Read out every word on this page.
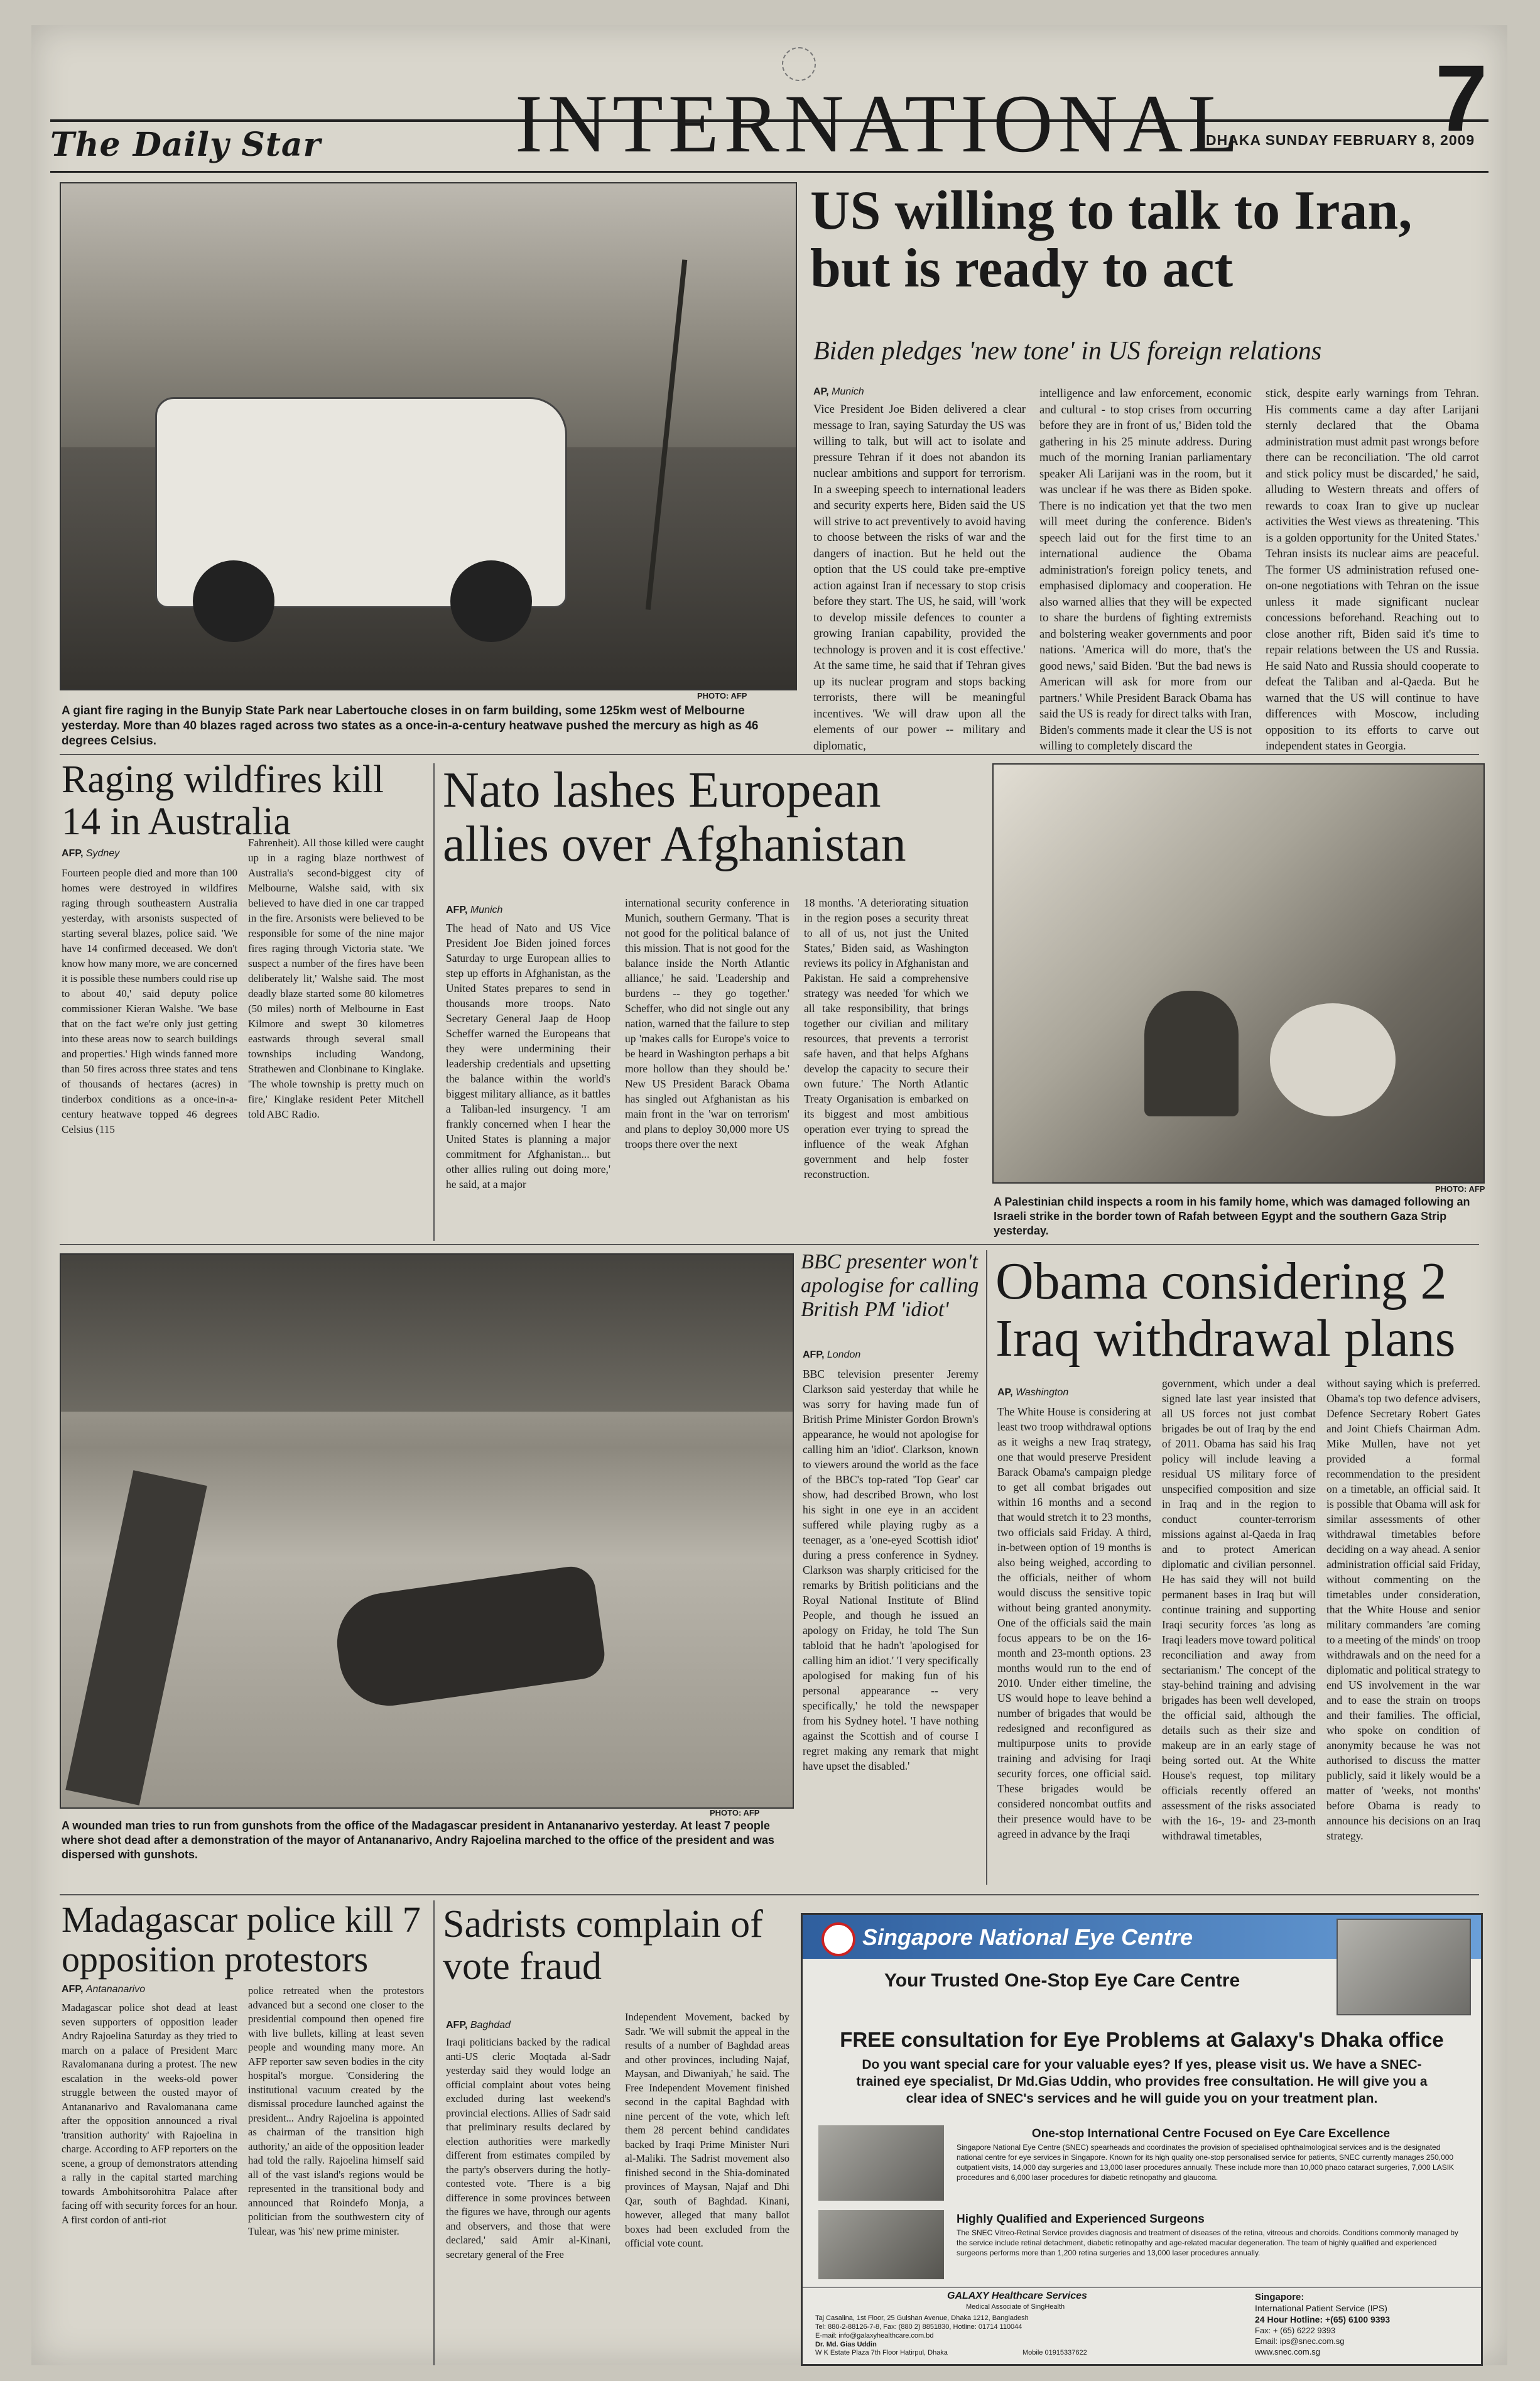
The Daily Star INTERNATIONAL
DHAKA SUNDAY FEBRUARY 8, 2009
7
PHOTO: AFP
A giant fire raging in the Bunyip State Park near Labertouche closes in on farm building, some 125km west of Melbourne yesterday. More than 40 blazes raged across two states as a once-in-a-century heatwave pushed the mercury as high as 46 degrees Celsius.
US willing to talk to Iran, but is ready to act
Biden pledges 'new tone' in US foreign relations
AP, Munich
Vice President Joe Biden delivered a clear message to Iran, saying Saturday the US was willing to talk, but will act to isolate and pressure Tehran if it does not abandon its nuclear ambitions and support for terrorism. In a sweeping speech to international leaders and security experts here, Biden said the US will strive to act preventively to avoid having to choose between the risks of war and the dangers of inaction. But he held out the option that the US could take pre-emptive action against Iran if necessary to stop crisis before they start. The US, he said, will 'work to develop missile defences to counter a growing Iranian capability, provided the technology is proven and it is cost effective.' At the same time, he said that if Tehran gives up its nuclear program and stops backing terrorists, there will be meaningful incentives. 'We will draw upon all the elements of our power -- military and diplomatic,
intelligence and law enforcement, economic and cultural - to stop crises from occurring before they are in front of us,' Biden told the gathering in his 25 minute address. During much of the morning Iranian parliamentary speaker Ali Larijani was in the room, but it was unclear if he was there as Biden spoke. There is no indication yet that the two men will meet during the conference. Biden's speech laid out for the first time to an international audience the Obama administration's foreign policy tenets, and emphasised diplomacy and cooperation. He also warned allies that they will be expected to share the burdens of fighting extremists and bolstering weaker governments and poor nations. 'America will do more, that's the good news,' said Biden. 'But the bad news is American will ask for more from our partners.' While President Barack Obama has said the US is ready for direct talks with Iran, Biden's comments made it clear the US is not willing to completely discard the
stick, despite early warnings from Tehran. His comments came a day after Larijani sternly declared that the Obama administration must admit past wrongs before there can be reconciliation. 'The old carrot and stick policy must be discarded,' he said, alluding to Western threats and offers of rewards to coax Iran to give up nuclear activities the West views as threatening. 'This is a golden opportunity for the United States.' Tehran insists its nuclear aims are peaceful. The former US administration refused one-on-one negotiations with Tehran on the issue unless it made significant nuclear concessions beforehand. Reaching out to close another rift, Biden said it's time to repair relations between the US and Russia. He said Nato and Russia should cooperate to defeat the Taliban and al-Qaeda. But he warned that the US will continue to have differences with Moscow, including opposition to its efforts to carve out independent states in Georgia.
Raging wildfires kill 14 in Australia
AFP, Sydney
Fourteen people died and more than 100 homes were destroyed in wildfires raging through southeastern Australia yesterday, with arsonists suspected of starting several blazes, police said. 'We have 14 confirmed deceased. We don't know how many more, we are concerned it is possible these numbers could rise up to about 40,' said deputy police commissioner Kieran Walshe. 'We base that on the fact we're only just getting into these areas now to search buildings and properties.' High winds fanned more than 50 fires across three states and tens of thousands of hectares (acres) in tinderbox conditions as a once-in-a-century heatwave topped 46 degrees Celsius (115
Fahrenheit). All those killed were caught up in a raging blaze northwest of Australia's second-biggest city of Melbourne, Walshe said, with six believed to have died in one car trapped in the fire. Arsonists were believed to be responsible for some of the nine major fires raging through Victoria state. 'We suspect a number of the fires have been deliberately lit,' Walshe said. The most deadly blaze started some 80 kilometres (50 miles) north of Melbourne in East Kilmore and swept 30 kilometres eastwards through several small townships including Wandong, Strathewen and Clonbinane to Kinglake. 'The whole township is pretty much on fire,' Kinglake resident Peter Mitchell told ABC Radio.
Nato lashes European allies over Afghanistan
AFP, Munich
The head of Nato and US Vice President Joe Biden joined forces Saturday to urge European allies to step up efforts in Afghanistan, as the United States prepares to send in thousands more troops. Nato Secretary General Jaap de Hoop Scheffer warned the Europeans that they were undermining their leadership credentials and upsetting the balance within the world's biggest military alliance, as it battles a Taliban-led insurgency. 'I am frankly concerned when I hear the United States is planning a major commitment for Afghanistan... but other allies ruling out doing more,' he said, at a major
international security conference in Munich, southern Germany. 'That is not good for the political balance of this mission. That is not good for the balance inside the North Atlantic alliance,' he said. 'Leadership and burdens -- they go together.' Scheffer, who did not single out any nation, warned that the failure to step up 'makes calls for Europe's voice to be heard in Washington perhaps a bit more hollow than they should be.' New US President Barack Obama has singled out Afghanistan as his main front in the 'war on terrorism' and plans to deploy 30,000 more US troops there over the next
18 months. 'A deteriorating situation in the region poses a security threat to all of us, not just the United States,' Biden said, as Washington reviews its policy in Afghanistan and Pakistan. He said a comprehensive strategy was needed 'for which we all take responsibility, that brings together our civilian and military resources, that prevents a terrorist safe haven, and that helps Afghans develop the capacity to secure their own future.' The North Atlantic Treaty Organisation is embarked on its biggest and most ambitious operation ever trying to spread the influence of the weak Afghan government and help foster reconstruction.
PHOTO: AFP
A Palestinian child inspects a room in his family home, which was damaged following an Israeli strike in the border town of Rafah between Egypt and the southern Gaza Strip yesterday.
PHOTO: AFP
A wounded man tries to run from gunshots from the office of the Madagascar president in Antananarivo yesterday. At least 7 people where shot dead after a demonstration of the mayor of Antananarivo, Andry Rajoelina marched to the office of the president and was dispersed with gunshots.
BBC presenter won't apologise for calling British PM 'idiot'
AFP, London
BBC television presenter Jeremy Clarkson said yesterday that while he was sorry for having made fun of British Prime Minister Gordon Brown's appearance, he would not apologise for calling him an 'idiot'. Clarkson, known to viewers around the world as the face of the BBC's top-rated 'Top Gear' car show, had described Brown, who lost his sight in one eye in an accident suffered while playing rugby as a teenager, as a 'one-eyed Scottish idiot' during a press conference in Sydney. Clarkson was sharply criticised for the remarks by British politicians and the Royal National Institute of Blind People, and though he issued an apology on Friday, he told The Sun tabloid that he hadn't 'apologised for calling him an idiot.' 'I very specifically apologised for making fun of his personal appearance -- very specifically,' he told the newspaper from his Sydney hotel. 'I have nothing against the Scottish and of course I regret making any remark that might have upset the disabled.'
Obama considering 2 Iraq withdrawal plans
AP, Washington
The White House is considering at least two troop withdrawal options as it weighs a new Iraq strategy, one that would preserve President Barack Obama's campaign pledge to get all combat brigades out within 16 months and a second that would stretch it to 23 months, two officials said Friday. A third, in-between option of 19 months is also being weighed, according to the officials, neither of whom would discuss the sensitive topic without being granted anonymity. One of the officials said the main focus appears to be on the 16-month and 23-month options. 23 months would run to the end of 2010. Under either timeline, the US would hope to leave behind a number of brigades that would be redesigned and reconfigured as multipurpose units to provide training and advising for Iraqi security forces, one official said. These brigades would be considered noncombat outfits and their presence would have to be agreed in advance by the Iraqi
government, which under a deal signed late last year insisted that all US forces not just combat brigades be out of Iraq by the end of 2011. Obama has said his Iraq policy will include leaving a residual US military force of unspecified composition and size in Iraq and in the region to conduct counter-terrorism missions against al-Qaeda in Iraq and to protect American diplomatic and civilian personnel. He has said they will not build permanent bases in Iraq but will continue training and supporting Iraqi security forces 'as long as Iraqi leaders move toward political reconciliation and away from sectarianism.' The concept of the stay-behind training and advising brigades has been well developed, the official said, although the details such as their size and makeup are in an early stage of being sorted out. At the White House's request, top military officials recently offered an assessment of the risks associated with the 16-, 19- and 23-month withdrawal timetables,
without saying which is preferred. Obama's top two defence advisers, Defence Secretary Robert Gates and Joint Chiefs Chairman Adm. Mike Mullen, have not yet provided a formal recommendation to the president on a timetable, an official said. It is possible that Obama will ask for similar assessments of other withdrawal timetables before deciding on a way ahead. A senior administration official said Friday, without commenting on the timetables under consideration, that the White House and senior military commanders 'are coming to a meeting of the minds' on troop withdrawals and on the need for a diplomatic and political strategy to end US involvement in the war and to ease the strain on troops and their families. The official, who spoke on condition of anonymity because he was not authorised to discuss the matter publicly, said it likely would be a matter of 'weeks, not months' before Obama is ready to announce his decisions on an Iraq strategy.
Madagascar police kill 7 opposition protestors
AFP, Antananarivo
Madagascar police shot dead at least seven supporters of opposition leader Andry Rajoelina Saturday as they tried to march on a palace of President Marc Ravalomanana during a protest. The new escalation in the weeks-old power struggle between the ousted mayor of Antananarivo and Ravalomanana came after the opposition announced a rival 'transition authority' with Rajoelina in charge. According to AFP reporters on the scene, a group of demonstrators attending a rally in the capital started marching towards Ambohitsorohitra Palace after facing off with security forces for an hour. A first cordon of anti-riot
police retreated when the protestors advanced but a second one closer to the presidential compound then opened fire with live bullets, killing at least seven people and wounding many more. An AFP reporter saw seven bodies in the city hospital's morgue. 'Considering the institutional vacuum created by the dismissal procedure launched against the president... Andry Rajoelina is appointed as chairman of the transition high authority,' an aide of the opposition leader had told the rally. Rajoelina himself said all of the vast island's regions would be represented in the transitional body and announced that Roindefo Monja, a politician from the southwestern city of Tulear, was 'his' new prime minister.
Sadrists complain of vote fraud
AFP, Baghdad
Iraqi politicians backed by the radical anti-US cleric Moqtada al-Sadr yesterday said they would lodge an official complaint about votes being excluded during last weekend's provincial elections. Allies of Sadr said that preliminary results declared by election authorities were markedly different from estimates compiled by the party's observers during the hotly-contested vote. 'There is a big difference in some provinces between the figures we have, through our agents and observers, and those that were declared,' said Amir al-Kinani, secretary general of the Free
Independent Movement, backed by Sadr. 'We will submit the appeal in the results of a number of Baghdad areas and other provinces, including Najaf, Maysan, and Diwaniyah,' he said. The Free Independent Movement finished second in the capital Baghdad with nine percent of the vote, which left them 28 percent behind candidates backed by Iraqi Prime Minister Nuri al-Maliki. The Sadrist movement also finished second in the Shia-dominated provinces of Maysan, Najaf and Dhi Qar, south of Baghdad. Kinani, however, alleged that many ballot boxes had been excluded from the official vote count.
Singapore National Eye Centre
Your Trusted One-Stop Eye Care Centre
FREE consultation for Eye Problems at Galaxy's Dhaka office
Do you want special care for your valuable eyes? If yes, please visit us. We have a SNEC-trained eye specialist, Dr Md.Gias Uddin, who provides free consultation. He will give you a clear idea of SNEC's services and he will guide you on your treatment plan.
One-stop International Centre Focused on Eye Care Excellence
Singapore National Eye Centre (SNEC) spearheads and coordinates the provision of specialised ophthalmological services and is the designated national centre for eye services in Singapore. Known for its high quality one-stop personalised service for patients, SNEC currently manages 250,000 outpatient visits, 14,000 day surgeries and 13,000 laser procedures annually. These include more than 10,000 phaco cataract surgeries, 7,000 LASIK procedures and 6,000 laser procedures for diabetic retinopathy and glaucoma.
Highly Qualified and Experienced Surgeons
The SNEC Vitreo-Retinal Service provides diagnosis and treatment of diseases of the retina, vitreous and choroids. Conditions commonly managed by the service include retinal detachment, diabetic retinopathy and age-related macular degeneration. The team of highly qualified and experienced surgeons performs more than 1,200 retina surgeries and 13,000 laser procedures annually.
GALAXY Healthcare Services
Medical Associate of SingHealth
Taj Casalina, 1st Floor, 25 Gulshan Avenue, Dhaka 1212, Bangladesh
Tel: 880-2-88126-7-8, Fax: (880 2) 8851830, Hotline: 01714 110044
E-mail: info@galaxyhealthcare.com.bd
Dr. Md. Gias Uddin
W K Estate Plaza 7th Floor Hatirpul, Dhaka	Mobile 01915337622
Singapore:
International Patient Service (IPS)
24 Hour Hotline: +(65) 6100 9393
Fax: + (65) 6222 9393
Email: ips@snec.com.sg
www.snec.com.sg
